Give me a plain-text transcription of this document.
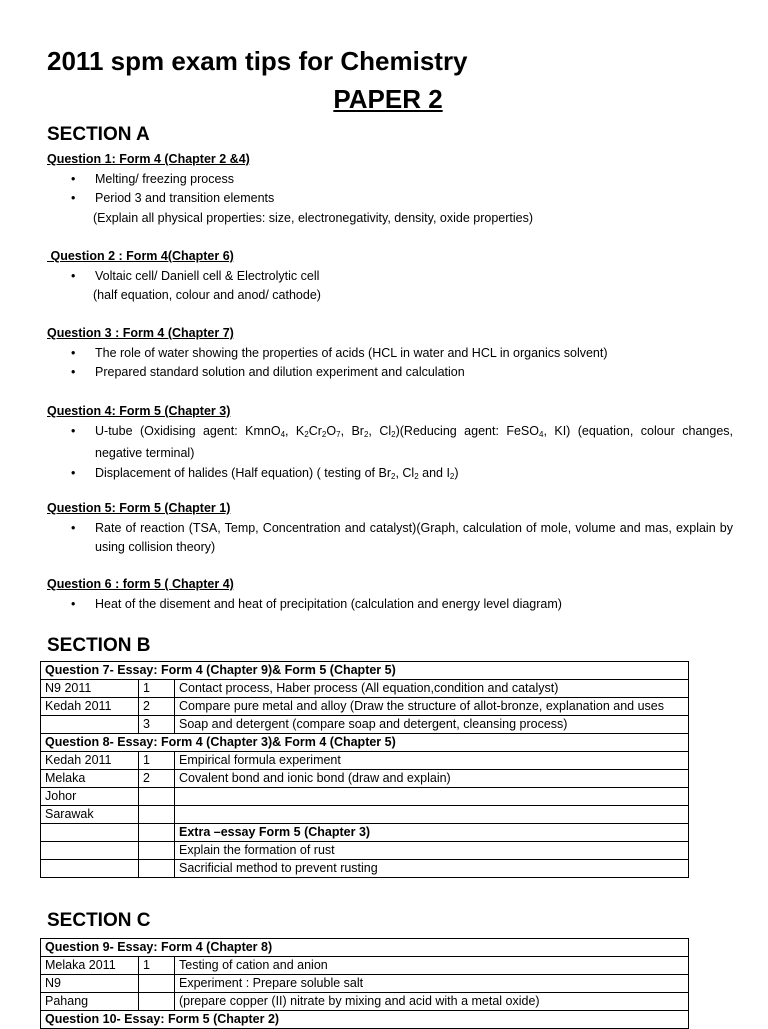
2011 spm exam tips for Chemistry
PAPER 2
SECTION A
Question 1: Form 4 (Chapter 2 &4)
• Melting/ freezing process
• Period 3 and transition elements
(Explain all physical properties: size, electronegativity, density, oxide properties)
Question 2 : Form 4(Chapter 6)
• Voltaic cell/ Daniell cell & Electrolytic cell
(half equation, colour and anod/ cathode)
Question 3 : Form 4 (Chapter 7)
• The role of water showing the properties of acids (HCL in water and HCL in organics solvent)
• Prepared standard solution and dilution experiment and calculation
Question 4: Form 5 (Chapter 3)
• U-tube (Oxidising agent: KmnO$_4$, $K_2Cr_2O_7$, $Br_2$, $Cl_2)(Reducing$ agent: FeSO$_4$, KI) (equation, colour changes, negative terminal)
• Displacement of halides (Half equation) ( testing of $Br_2$, $Cl_2$ and $I_2$)
Question 5: Form 5 (Chapter 1)
• Rate of reaction (TSA, Temp, Concentration and catalyst)(Graph, calculation of mole, volume and mas, explain by using collision theory)
Question 6 : form 5 ( Chapter 4)
• Heat of the disement and heat of precipitation (calculation and energy level diagram)
SECTION B
Question 7- Essay: Form 4 (Chapter 9)& Form 5 (Chapter 5)		
N9 2011	1	Contact process, Haber process (All equation,condition and catalyst)
Kedah 2011	2	Compare pure metal and alloy (Draw the structure of allot-bronze, explanation and uses
	3	Soap and detergent (compare soap and detergent, cleansing process)
Question 8- Essay: Form 4 (Chapter 3)& Form 4 (Chapter 5)		
Kedah 2011	1	Empirical formula experiment
Melaka	2	Covalent bond and ionic bond (draw and explain)
Johor		
Sarawak		
		Extra –essay Form 5 (Chapter 3)
		Explain the formation of rust
		Sacrificial method to prevent rusting
SECTION C
Question 9- Essay: Form 4 (Chapter 8)		
Melaka 2011	1	Testing of cation and anion
N9		Experiment : Prepare soluble salt
Pahang		(prepare copper (II) nitrate by mixing and acid with a metal oxide)
Question 10- Essay: Form 5 (Chapter 2)		
